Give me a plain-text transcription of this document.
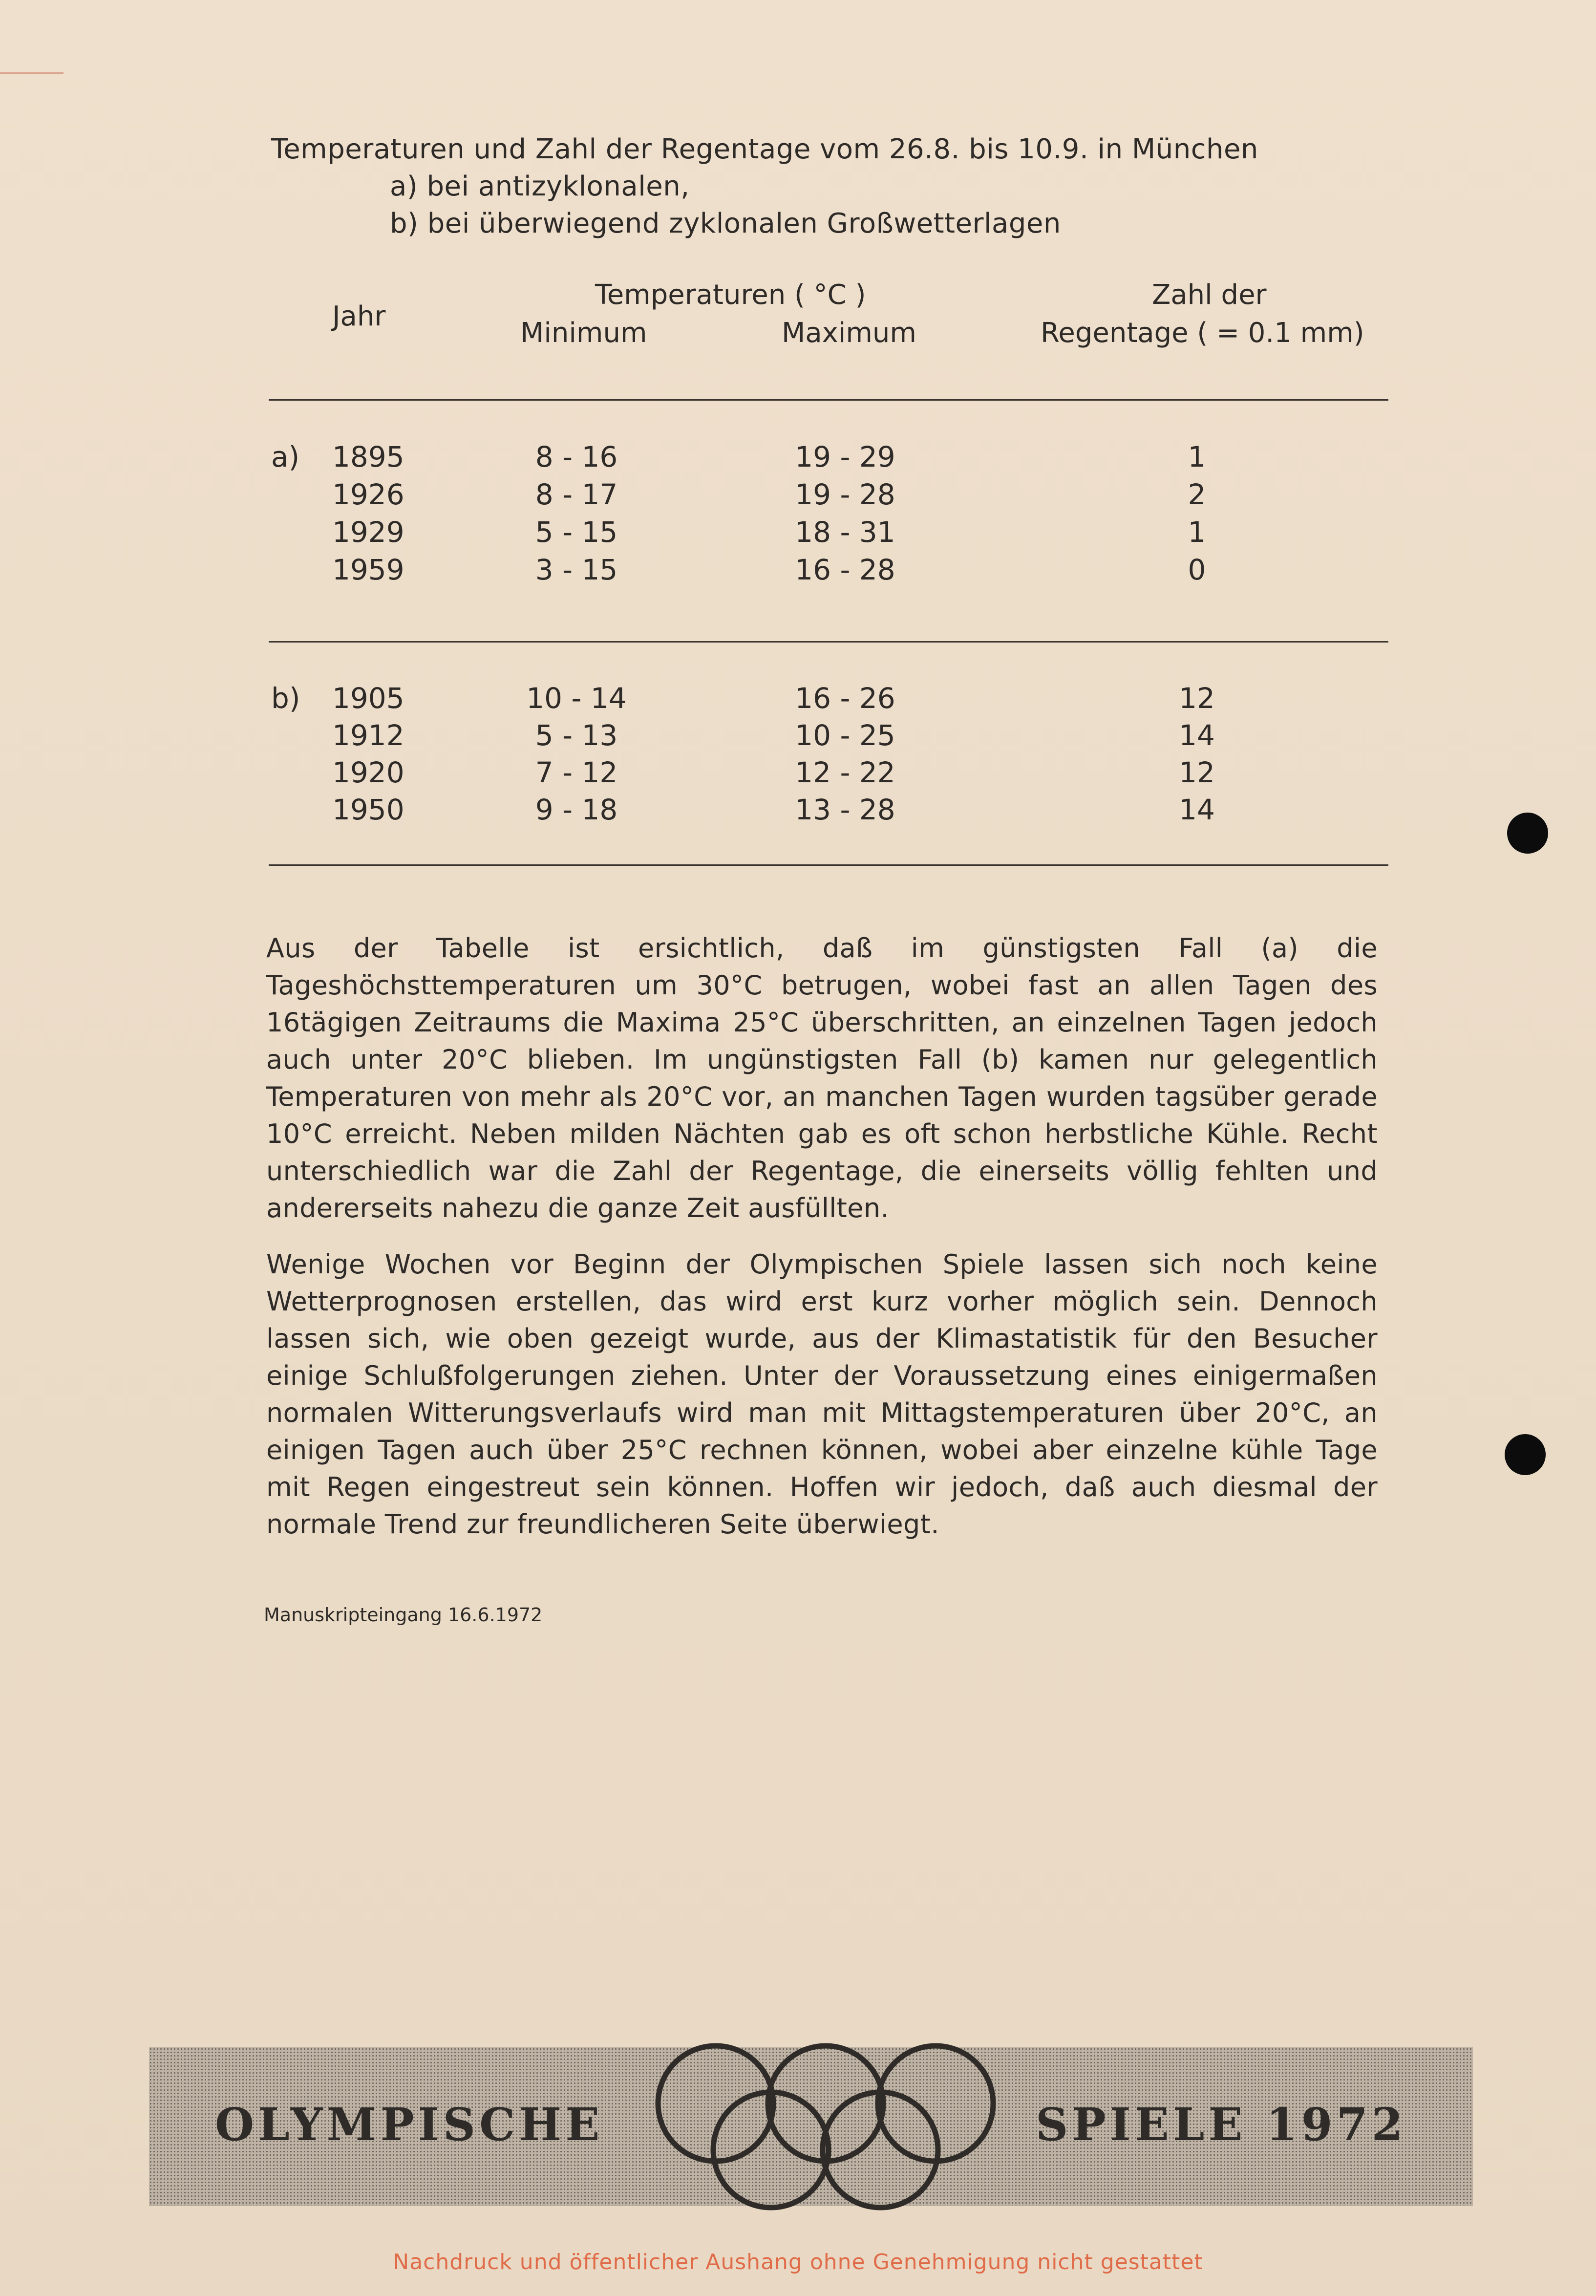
Temperaturen und Zahl der Regentage vom 26.8. bis 10.9. in München
a) bei antizyklonalen,
b) bei überwiegend zyklonalen Großwetterlagen
Jahr
Temperaturen ( °C )
Minimum	Maximum
Zahl der
Regentage ( = 0.1 mm)
a) 1895	8 - 16	19 - 29	1
1926	8 - 17	19 - 28	2
1929	5 - 15	18 - 31	1
1959	3 - 15	16 - 28	0
b) 1905	10 - 14	16 - 26	12
1912	5 - 13	10 - 25	14
1920	7 - 12	12 - 22	12
1950	9 - 18	13 - 28	14
Aus der Tabelle ist ersichtlich, daß im günstigsten Fall (a) die Tageshöchsttemperaturen um 30°C betrugen, wobei fast an allen Tagen des 16tägigen Zeitraums die Maxima 25°C überschritten, an einzelnen Tagen jedoch auch unter 20°C blieben. Im ungünstigsten Fall (b) kamen nur gelegentlich Temperaturen von mehr als 20°C vor, an manchen Tagen wurden tagsüber gerade 10°C erreicht. Neben milden Nächten gab es oft schon herbstliche Kühle. Recht unterschiedlich war die Zahl der Regentage, die einerseits völlig fehlten und andererseits nahezu die ganze Zeit ausfüllten.
Wenige Wochen vor Beginn der Olympischen Spiele lassen sich noch keine Wetterprognosen erstellen, das wird erst kurz vorher möglich sein. Dennoch lassen sich, wie oben gezeigt wurde, aus der Klimastatistik für den Besucher einige Schlußfolgerungen ziehen. Unter der Voraussetzung eines einigermaßen normalen Witterungsverlaufs wird man mit Mittagstemperaturen über 20°C, an einigen Tagen auch über 25°C rechnen können, wobei aber einzelne kühle Tage mit Regen eingestreut sein können. Hoffen wir jedoch, daß auch diesmal der normale Trend zur freundlicheren Seite überwiegt.
Manuskripteingang 16.6.1972
OLYMPISCHE	SPIELE 1972
Nachdruck und öffentlicher Aushang ohne Genehmigung nicht gestattet
